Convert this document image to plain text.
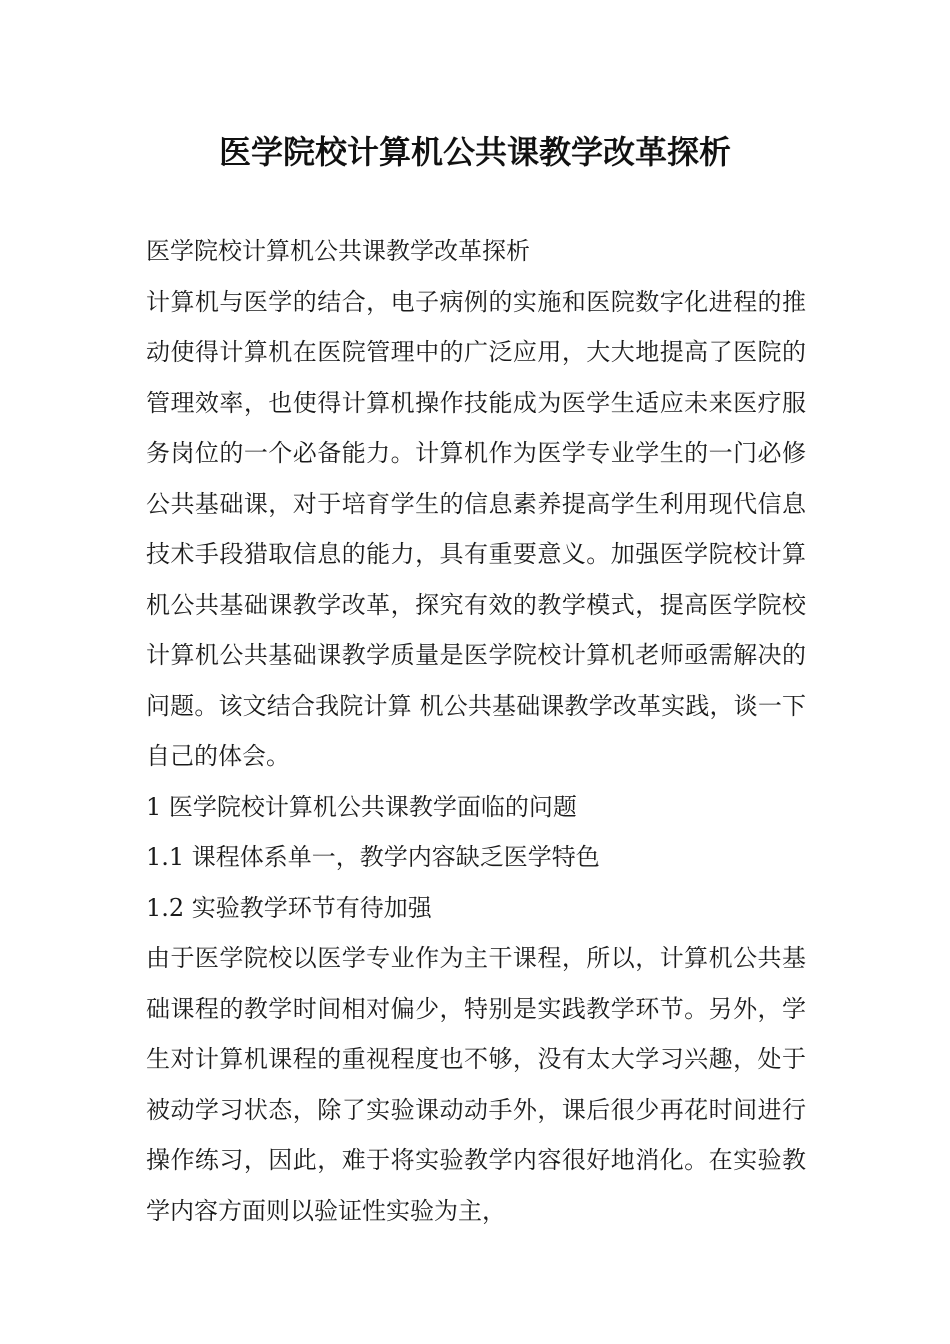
医学院校计算机公共课教学改革探析

医学院校计算机公共课教学改革探析

计算机与医学的结合，电子病例的实施和医院数字化进程的推动使得计算机在医院管理中的广泛应用，大大地提高了医院的管理效率，也使得计算机操作技能成为医学生适应未来医疗服务岗位的一个必备能力。计算机作为医学专业学生的一门必修公共基础课，对于培育学生的信息素养提高学生利用现代信息技术手段猎取信息的能力，具有重要意义。加强医学院校计算机公共基础课教学改革，探究有效的教学模式，提高医学院校计算机公共基础课教学质量是医学院校计算机老师亟需解决的问题。该文结合我院计算 机公共基础课教学改革实践，谈一下自己的体会。

1 医学院校计算机公共课教学面临的问题

1.1 课程体系单一，教学内容缺乏医学特色

1.2 实验教学环节有待加强

由于医学院校以医学专业作为主干课程，所以，计算机公共基础课程的教学时间相对偏少，特别是实践教学环节。另外，学生对计算机课程的重视程度也不够，没有太大学习兴趣，处于被动学习状态，除了实验课动动手外，课后很少再花时间进行操作练习，因此，难于将实验教学内容很好地消化。在实验教学内容方面则以验证性实验为主，
